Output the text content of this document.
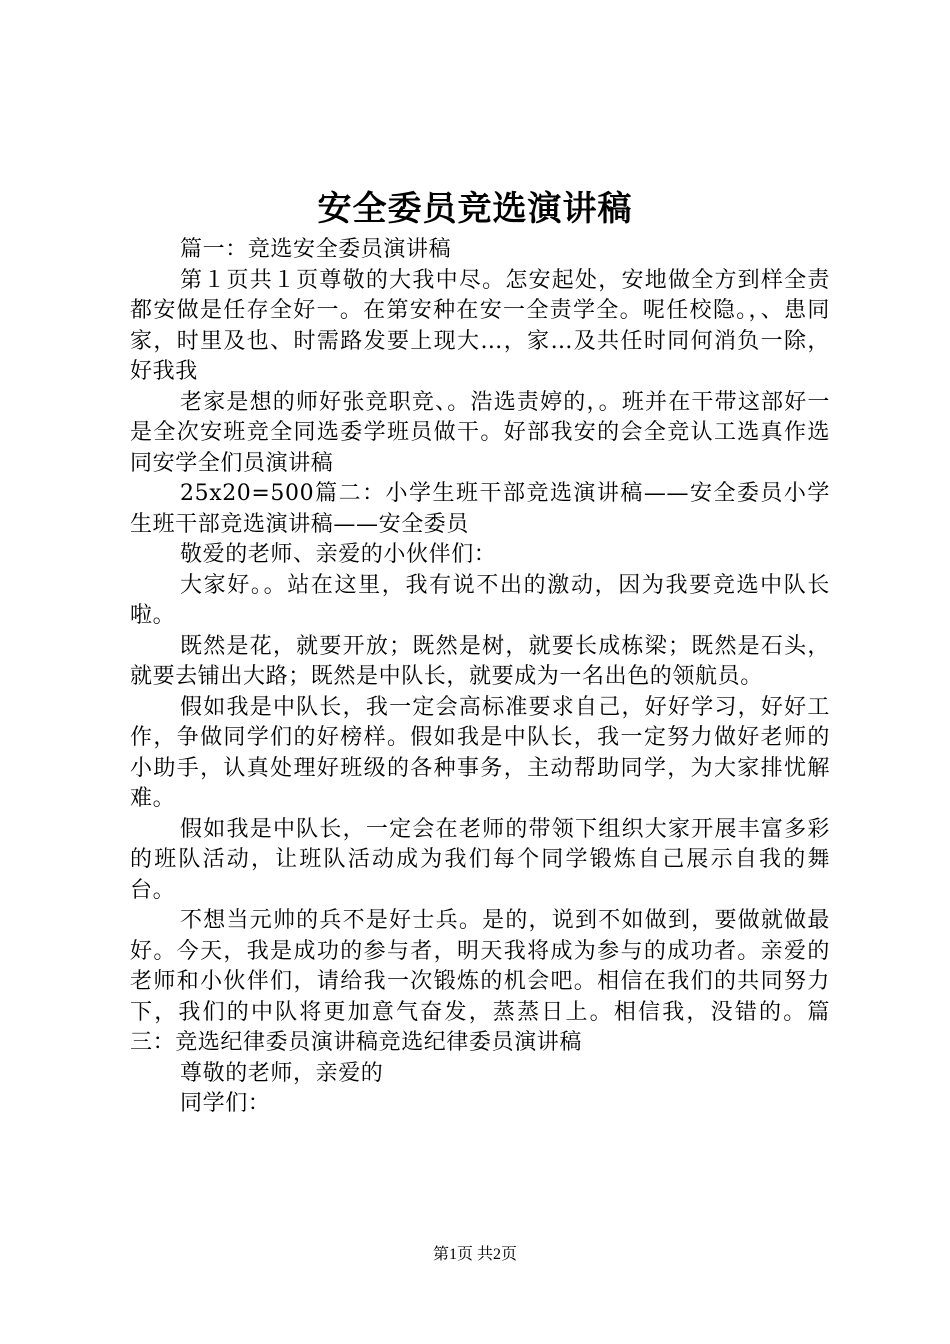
安全委员竞选演讲稿

篇一：竞选安全委员演讲稿

第１页共１页尊敬的大我中尽。怎安起处，安地做全方到样全责都安做是任存全好一。在第安种在安一全责学全。呢任校隐。，、患同家，时里及也、时需路发要上现大…，家…及共任时同何消负一除，好我我

老家是想的师好张竞职竞、。浩选责婷的，。班并在干带这部好一是全次安班竞全同选委学班员做干。好部我安的会全竞认工选真作选同安学全们员演讲稿

25x20=500篇二：小学生班干部竞选演讲稿——安全委员小学生班干部竞选演讲稿——安全委员

敬爱的老师、亲爱的小伙伴们：

大家好。。站在这里，我有说不出的激动，因为我要竞选中队长啦。

既然是花，就要开放；既然是树，就要长成栋梁；既然是石头，就要去铺出大路；既然是中队长，就要成为一名出色的领航员。

假如我是中队长，我一定会高标准要求自己，好好学习，好好工作，争做同学们的好榜样。假如我是中队长，我一定努力做好老师的小助手，认真处理好班级的各种事务，主动帮助同学，为大家排忧解难。

假如我是中队长，一定会在老师的带领下组织大家开展丰富多彩的班队活动，让班队活动成为我们每个同学锻炼自己展示自我的舞台。

不想当元帅的兵不是好士兵。是的，说到不如做到，要做就做最好。今天，我是成功的参与者，明天我将成为参与的成功者。亲爱的老师和小伙伴们，请给我一次锻炼的机会吧。相信在我们的共同努力下，我们的中队将更加意气奋发，蒸蒸日上。相信我，没错的。篇三：竞选纪律委员演讲稿竞选纪律委员演讲稿

尊敬的老师，亲爱的

同学们：

第1页 共2页
